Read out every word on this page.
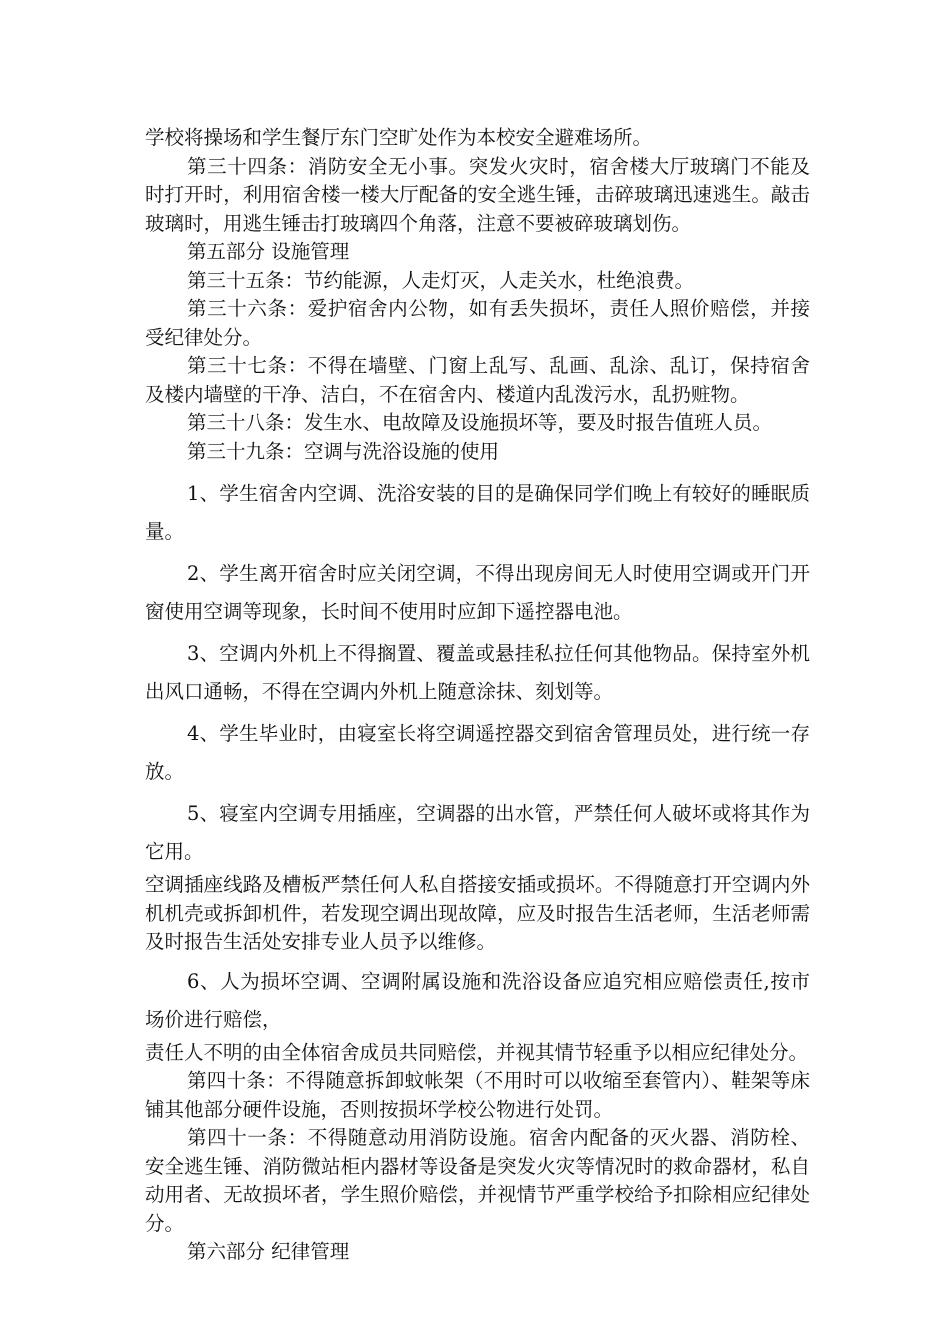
学校将操场和学生餐厅东门空旷处作为本校安全避难场所。

第三十四条：消防安全无小事。突发火灾时，宿舍楼大厅玻璃门不能及时打开时，利用宿舍楼一楼大厅配备的安全逃生锤，击碎玻璃迅速逃生。敲击玻璃时，用逃生锤击打玻璃四个角落，注意不要被碎玻璃划伤。

第五部分 设施管理

第三十五条：节约能源，人走灯灭，人走关水，杜绝浪费。

第三十六条：爱护宿舍内公物，如有丢失损坏，责任人照价赔偿，并接受纪律处分。

第三十七条：不得在墙壁、门窗上乱写、乱画、乱涂、乱订，保持宿舍及楼内墙壁的干净、洁白，不在宿舍内、楼道内乱泼污水，乱扔赃物。

第三十八条：发生水、电故障及设施损坏等，要及时报告值班人员。

第三十九条：空调与洗浴设施的使用

1、学生宿舍内空调、洗浴安装的目的是确保同学们晚上有较好的睡眠质量。

2、学生离开宿舍时应关闭空调，不得出现房间无人时使用空调或开门开窗使用空调等现象，长时间不使用时应卸下遥控器电池。

3、空调内外机上不得搁置、覆盖或悬挂私拉任何其他物品。保持室外机出风口通畅，不得在空调内外机上随意涂抹、刻划等。

4、学生毕业时，由寝室长将空调遥控器交到宿舍管理员处，进行统一存放。

5、寝室内空调专用插座，空调器的出水管，严禁任何人破坏或将其作为它用。

空调插座线路及槽板严禁任何人私自搭接安插或损坏。不得随意打开空调内外机机壳或拆卸机件，若发现空调出现故障，应及时报告生活老师，生活老师需及时报告生活处安排专业人员予以维修。

6、人为损坏空调、空调附属设施和洗浴设备应追究相应赔偿责任,按市场价进行赔偿，

责任人不明的由全体宿舍成员共同赔偿，并视其情节轻重予以相应纪律处分。

第四十条：不得随意拆卸蚊帐架（不用时可以收缩至套管内）、鞋架等床铺其他部分硬件设施，否则按损坏学校公物进行处罚。

第四十一条：不得随意动用消防设施。宿舍内配备的灭火器、消防栓、安全逃生锤、消防微站柜内器材等设备是突发火灾等情况时的救命器材，私自动用者、无故损坏者，学生照价赔偿，并视情节严重学校给予扣除相应纪律处分。

第六部分 纪律管理
